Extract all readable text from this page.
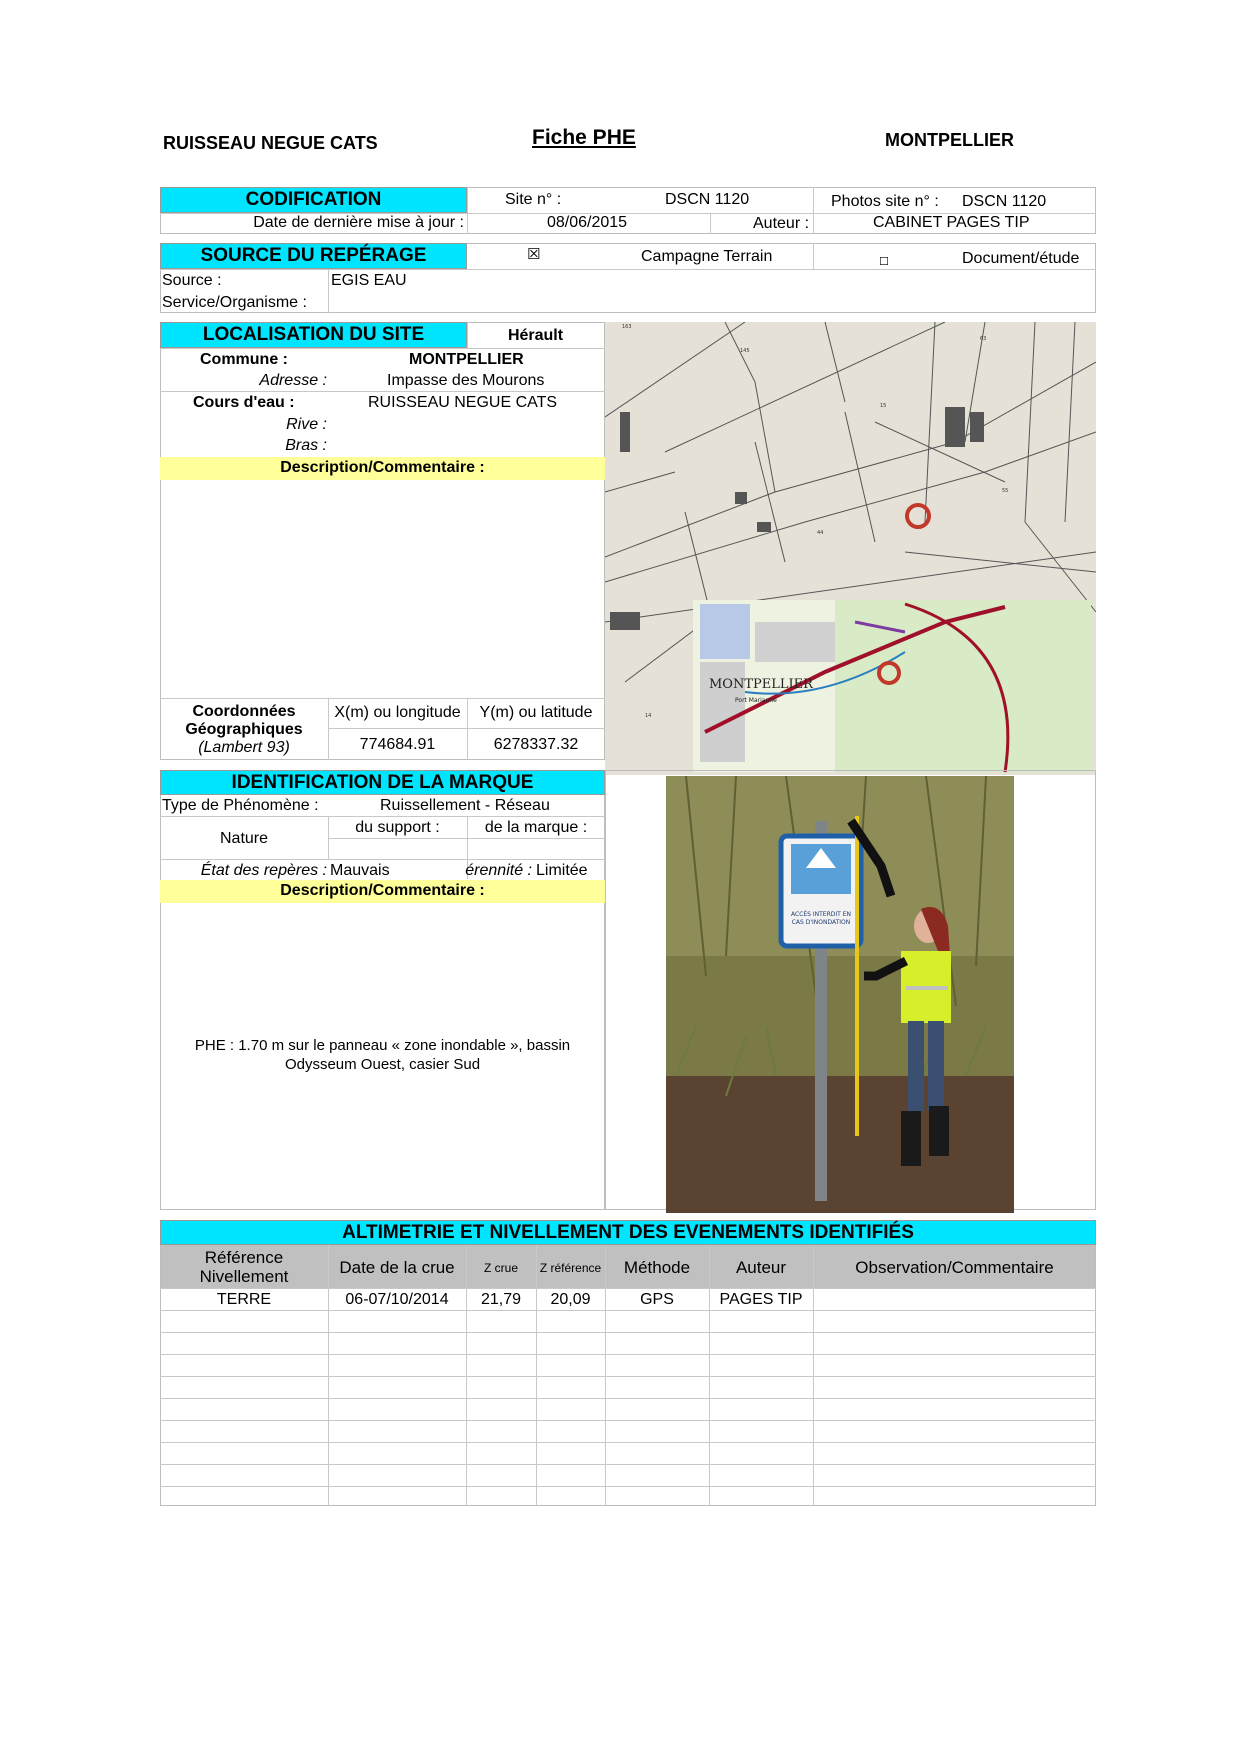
RUISSEAU NEGUE CATS	Fiche PHE	MONTPELLIER
CODIFICATION	Site n° :	DSCN 1120	Photos site n° : DSCN 1120
Date de dernière mise à jour :	08/06/2015	Auteur :	CABINET PAGES TIP
SOURCE DU REPÉRAGE	☒	Campagne Terrain	☐	Document/étude
Source :	EGIS EAU
Service/Organisme :
LOCALISATION DU SITE	Hérault
Commune :	MONTPELLIER
Adresse :	Impasse des Mourons
Cours d'eau :	RUISSEAU NEGUE CATS
Rive :
Bras :
Description/Commentaire :
Coordonnées
Géographiques
(Lambert 93)
X(m) ou longitude	Y(m) ou latitude
774684.91	6278337.32
163
145
63
15
55
44
14
MONTPELLIER
Port Marianne
IDENTIFICATION DE LA MARQUE
Type de Phénomène :	Ruissellement - Réseau
Nature
du support :	de la marque :
État des repères : Mauvais	érennité : Limitée
Description/Commentaire :
PHE : 1.70 m sur le panneau « zone inondable », bassin
Odysseum Ouest, casier Sud
ACCÈS INTERDIT EN
CAS D'INONDATION
ALTIMETRIE ET NIVELLEMENT DES EVENEMENTS IDENTIFIÉS
Référence Nivellement	Date de la crue	Z crue	Z référence	Méthode	Auteur	Observation/Commentaire
TERRE	06-07/10/2014	21,79	20,09	GPS	PAGES TIP
